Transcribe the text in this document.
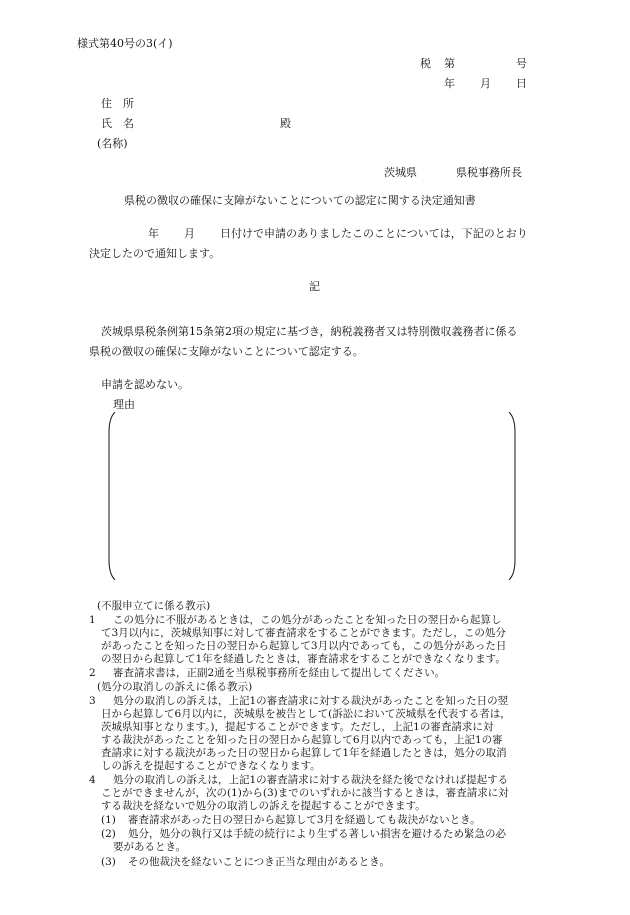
様式第40号の3(イ)
税 第	号
年 月 日
住　所
氏　名	殿
(名称)
茨城県	県税事務所長
県税の徴収の確保に支障がないことについての認定に関する決定通知書
年 月 日付けで申請のありましたこのことについては，下記のとおり
決定したので通知します。
記
茨城県県税条例第15条第2項の規定に基づき，納税義務者又は特別徴収義務者に係る
県税の徴収の確保に支障がないことについて認定する。
申請を認めない。
理由
(不服申立てに係る教示)
1 この処分に不服があるときは，この処分があったことを知った日の翌日から起算し
て3月以内に，茨城県知事に対して審査請求をすることができます。ただし，この処分
があったことを知った日の翌日から起算して3月以内であっても，この処分があった日
の翌日から起算して1年を経過したときは，審査請求をすることができなくなります。
2 審査請求書は，正副2通を当県税事務所を経由して提出してください。
(処分の取消しの訴えに係る教示)
3 処分の取消しの訴えは，上記1の審査請求に対する裁決があったことを知った日の翌
日から起算して6月以内に，茨城県を被告として(訴訟において茨城県を代表する者は，
茨城県知事となります。)，提起することができます。ただし，上記1の審査請求に対
する裁決があったことを知った日の翌日から起算して6月以内であっても，上記1の審
査請求に対する裁決があった日の翌日から起算して1年を経過したときは，処分の取消
しの訴えを提起することができなくなります。
4 処分の取消しの訴えは，上記1の審査請求に対する裁決を経た後でなければ提起する
ことができませんが，次の(1)から(3)までのいずれかに該当するときは，審査請求に対
する裁決を経ないで処分の取消しの訴えを提起することができます。
(1) 審査請求があった日の翌日から起算して3月を経過しても裁決がないとき。
(2) 処分，処分の執行又は手続の続行により生ずる著しい損害を避けるため緊急の必
要があるとき。
(3) その他裁決を経ないことにつき正当な理由があるとき。
